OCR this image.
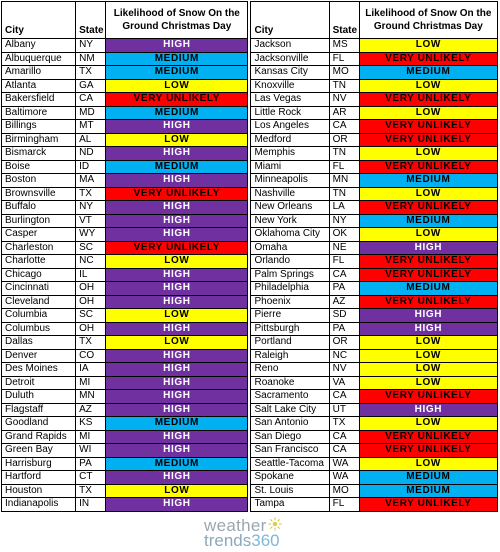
City	State	Likelihood of Snow On the Ground Christmas Day		City	State	Likelihood of Snow On the Ground Christmas Day
Albany	NY	HIGH		Jackson	MS	LOW
Albuquerque	NM	MEDIUM		Jacksonville	FL	VERY UNLIKELY
Amarillo	TX	MEDIUM		Kansas City	MO	MEDIUM
Atlanta	GA	LOW		Knoxville	TN	LOW
Bakersfield	CA	VERY UNLIKELY		Las Vegas	NV	VERY UNLIKELY
Baltimore	MD	MEDIUM		Little Rock	AR	LOW
Billings	MT	HIGH		Los Angeles	CA	VERY UNLIKELY
Birmingham	AL	LOW		Medford	OR	VERY UNLIKELY
Bismarck	ND	HIGH		Memphis	TN	LOW
Boise	ID	MEDIUM		Miami	FL	VERY UNLIKELY
Boston	MA	HIGH		Minneapolis	MN	MEDIUM
Brownsville	TX	VERY UNLIKELY		Nashville	TN	LOW
Buffalo	NY	HIGH		New Orleans	LA	VERY UNLIKELY
Burlington	VT	HIGH		New York	NY	MEDIUM
Casper	WY	HIGH		Oklahoma City	OK	LOW
Charleston	SC	VERY UNLIKELY		Omaha	NE	HIGH
Charlotte	NC	LOW		Orlando	FL	VERY UNLIKELY
Chicago	IL	HIGH		Palm Springs	CA	VERY UNLIKELY
Cincinnati	OH	HIGH		Philadelphia	PA	MEDIUM
Cleveland	OH	HIGH		Phoenix	AZ	VERY UNLIKELY
Columbia	SC	LOW		Pierre	SD	HIGH
Columbus	OH	HIGH		Pittsburgh	PA	HIGH
Dallas	TX	LOW		Portland	OR	LOW
Denver	CO	HIGH		Raleigh	NC	LOW
Des Moines	IA	HIGH		Reno	NV	LOW
Detroit	MI	HIGH		Roanoke	VA	LOW
Duluth	MN	HIGH		Sacramento	CA	VERY UNLIKELY
Flagstaff	AZ	HIGH		Salt Lake City	UT	HIGH
Goodland	KS	MEDIUM		San Antonio	TX	LOW
Grand Rapids	MI	HIGH		San Diego	CA	VERY UNLIKELY
Green Bay	WI	HIGH		San Francisco	CA	VERY UNLIKELY
Harrisburg	PA	MEDIUM		Seattle-Tacoma	WA	LOW
Hartford	CT	HIGH		Spokane	WA	MEDIUM
Houston	TX	LOW		St. Louis	MO	MEDIUM
Indianapolis	IN	HIGH		Tampa	FL	VERY UNLIKELY
weather
trends360
